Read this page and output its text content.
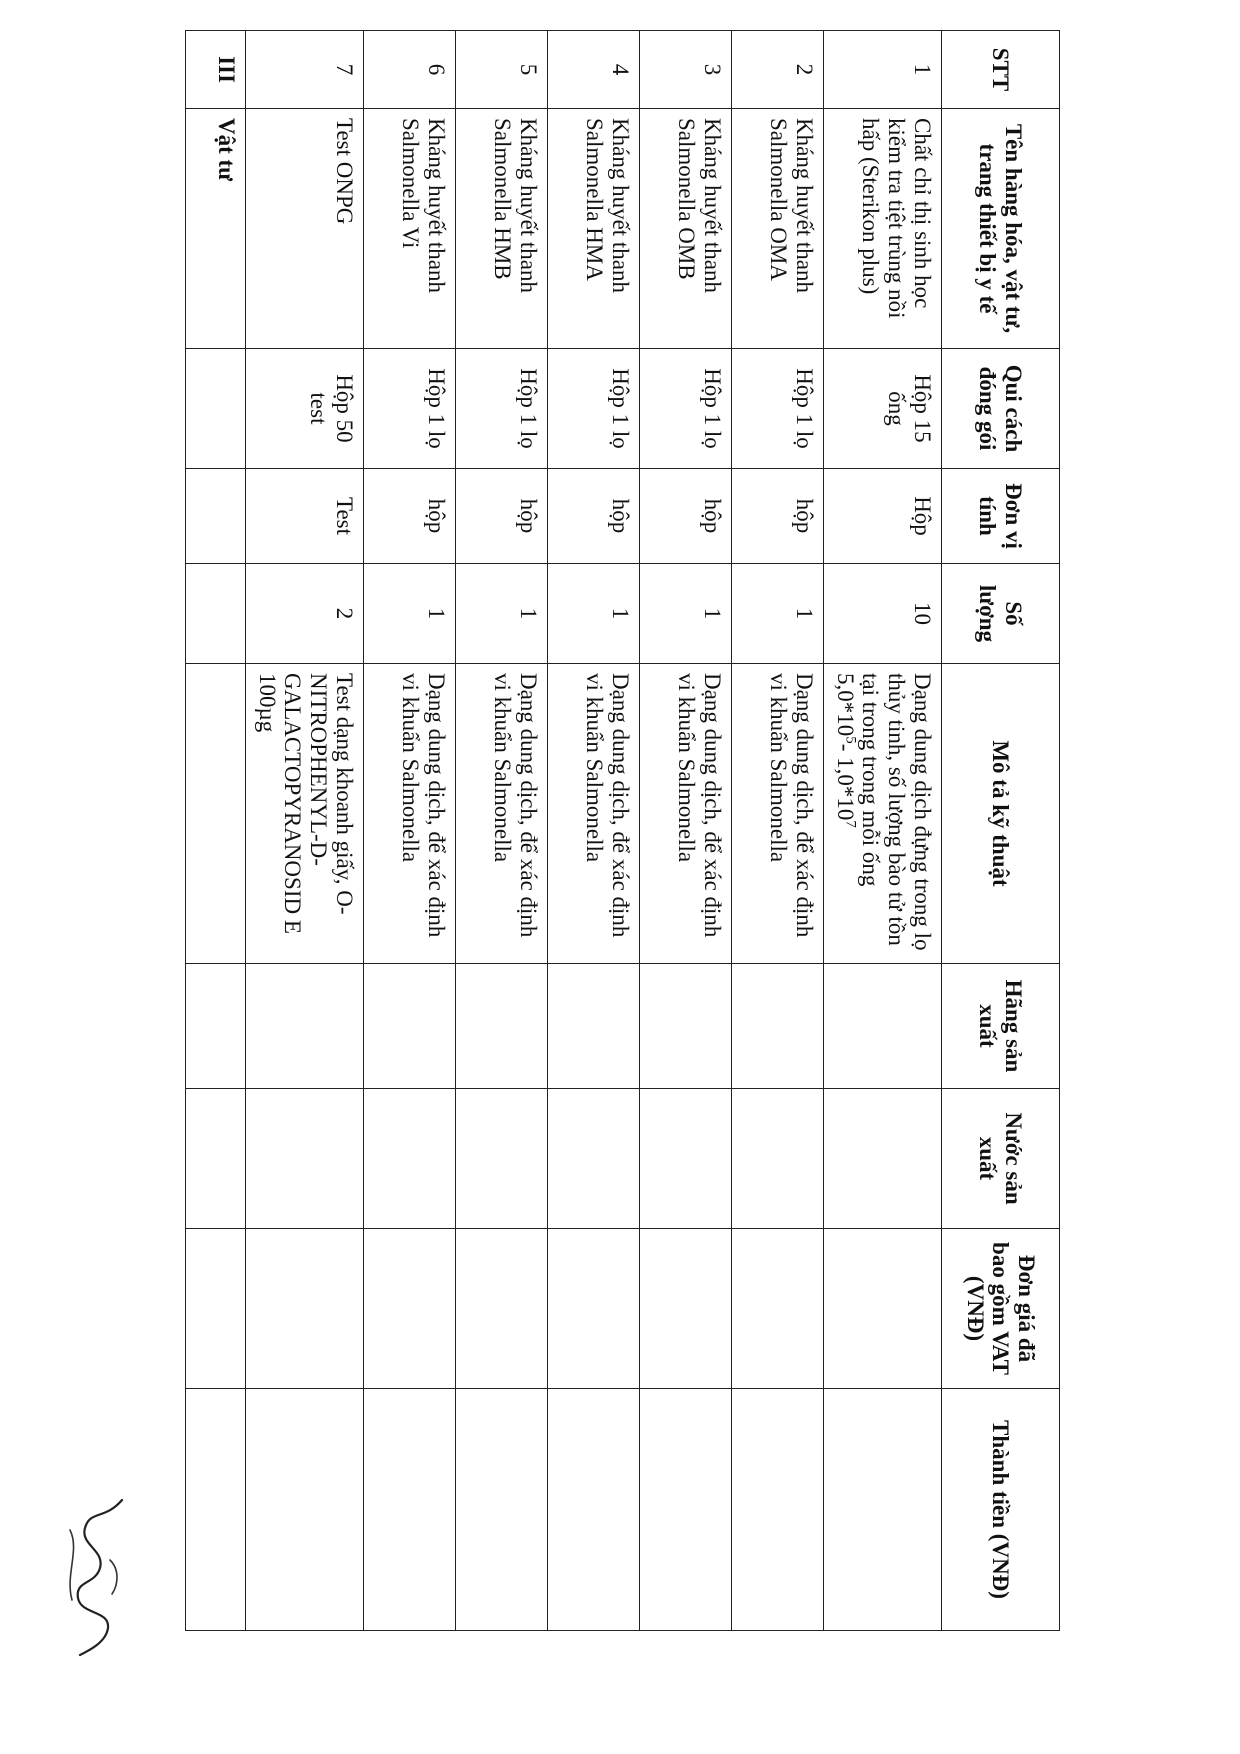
STT	Tên hàng hóa, vật tư, trang thiết bị y tế	Qui cách đóng gói	Đơn vị tính	Số lượng	Mô tả kỹ thuật	Hãng sản xuất	Nước sản xuất	Đơn giá đã bao gồm VAT (VNĐ)	Thành tiền (VNĐ)
1	Chất chỉ thị sinh học kiểm tra tiệt trùng nồi hấp (Sterikon plus)	Hộp 15 ống	Hộp	10	Dạng dung dịch đựng trong lọ thủy tinh, số lượng bào tử tồn tại trong trong mỗi ống $5,0*10^5-$ $1,0*10^7$				
2	Kháng huyết thanh Salmonella OMA	Hộp 1 lọ	hộp	1	Dạng dung dịch, để xác định vi khuẩn Salmonella				
3	Kháng huyết thanh Salmonella OMB	Hộp 1 lọ	hộp	1	Dạng dung dịch, để xác định vi khuẩn Salmonella				
4	Kháng huyết thanh Salmonella HMA	Hộp 1 lọ	hộp	1	Dạng dung dịch, để xác định vi khuẩn Salmonella				
5	Kháng huyết thanh Salmonella HMB	Hộp 1 lọ	hộp	1	Dạng dung dịch, để xác định vi khuẩn Salmonella				
6	Kháng huyết thanh Salmonella Vi	Hộp 1 lọ	hộp	1	Dạng dung dịch, để xác định vi khuẩn Salmonella				
7	Test ONPG	Hộp 50 test	Test	2	Test dạng khoanh giấy, O-NITROPHENYL-D-GALACTOPYRANOSID E 100µg				
III	Vật tư								
